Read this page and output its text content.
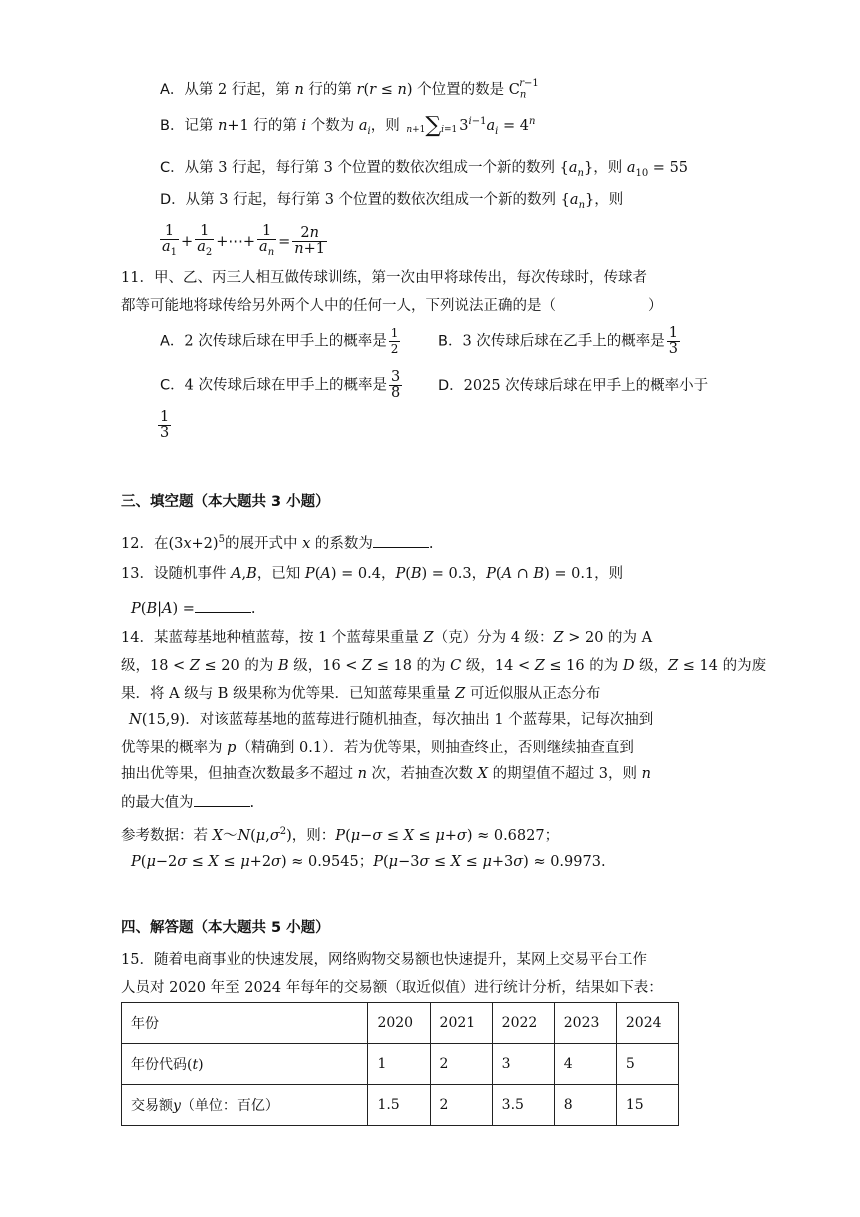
A．从第 2 行起，第 n 行的第 r(r ≤ n) 个位置的数是 $C_n^{r-1}$
B．记第 n+1 行的第 i 个数为 $a_i$，则 n+1∑i=1 $3^{i-1}a_i = 4^n$
C．从第 3 行起，每行第 3 个位置的数依次组成一个新的数列 $\{a_n\}$，则 $a_{10} = 55$
D．从第 3 行起，每行第 3 个位置的数依次组成一个新的数列 $\{a_n\}$，则
$\frac{1}{a_1} + \frac{1}{a_2}$ +⋯+ $\frac{1}{a_n} = \frac{2n}{n+1}$
11．甲、乙、丙三人相互做传球训练，第一次由甲将球传出，每次传球时，传球者
都等可能地将球传给另外两个人中的任何一人，下列说法正确的是（	）
A．2 次传球后球在甲手上的概率是 $\frac{1}{2}$	B．3 次传球后球在乙手上的概率是 $\frac{1}{3}$
C．4 次传球后球在甲手上的概率是 $\frac{3}{8}$ D．2025 次传球后球在甲手上的概率小于
$\frac{1}{3}$
三、填空题（本大题共 3 小题）
12．在$(3x+2)^5$的展开式中 x 的系数为	.
13．设随机事件 A,B，已知 P(A) = 0.4，P(B) = 0.3，P(A ∩ B) = 0.1，则
P(B|A) =	.
14．某蓝莓基地种植蓝莓，按 1 个蓝莓果重量 Z（克）分为 4 级：Z > 20 的为 A
级，18 < Z ≤ 20 的为 B 级，16 < Z ≤ 18 的为 C 级，14 < Z ≤ 16 的为 D 级，Z ≤ 14 的为废
果．将 A 级与 B 级果称为优等果．已知蓝莓果重量 Z 可近似服从正态分布
N(15,9)．对该蓝莓基地的蓝莓进行随机抽查，每次抽出 1 个蓝莓果，记每次抽到
优等果的概率为 p（精确到 0.1）．若为优等果，则抽查终止，否则继续抽查直到
抽出优等果，但抽查次数最多不超过 n 次，若抽查次数 X 的期望值不超过 3，则 n
的最大值为	.
参考数据：若 $X\sim N(\mu,\sigma^2)$，则：P(μ−σ ≤ X ≤ μ+σ) ≈ 0.6827；
P(μ−2σ ≤ X ≤ μ+2σ) ≈ 0.9545；P(μ−3σ ≤ X ≤ μ+3σ) ≈ 0.9973.
四、解答题（本大题共 5 小题）
15．随着电商事业的快速发展，网络购物交易额也快速提升，某网上交易平台工作
人员对 2020 年至 2024 年每年的交易额（取近似值）进行统计分析，结果如下表：
年份	2020	2021	2022	2023	2024
年份代码(t)	1	2	3	4	5
交易额y（单位：百亿）	1.5	2	3.5	8	15
